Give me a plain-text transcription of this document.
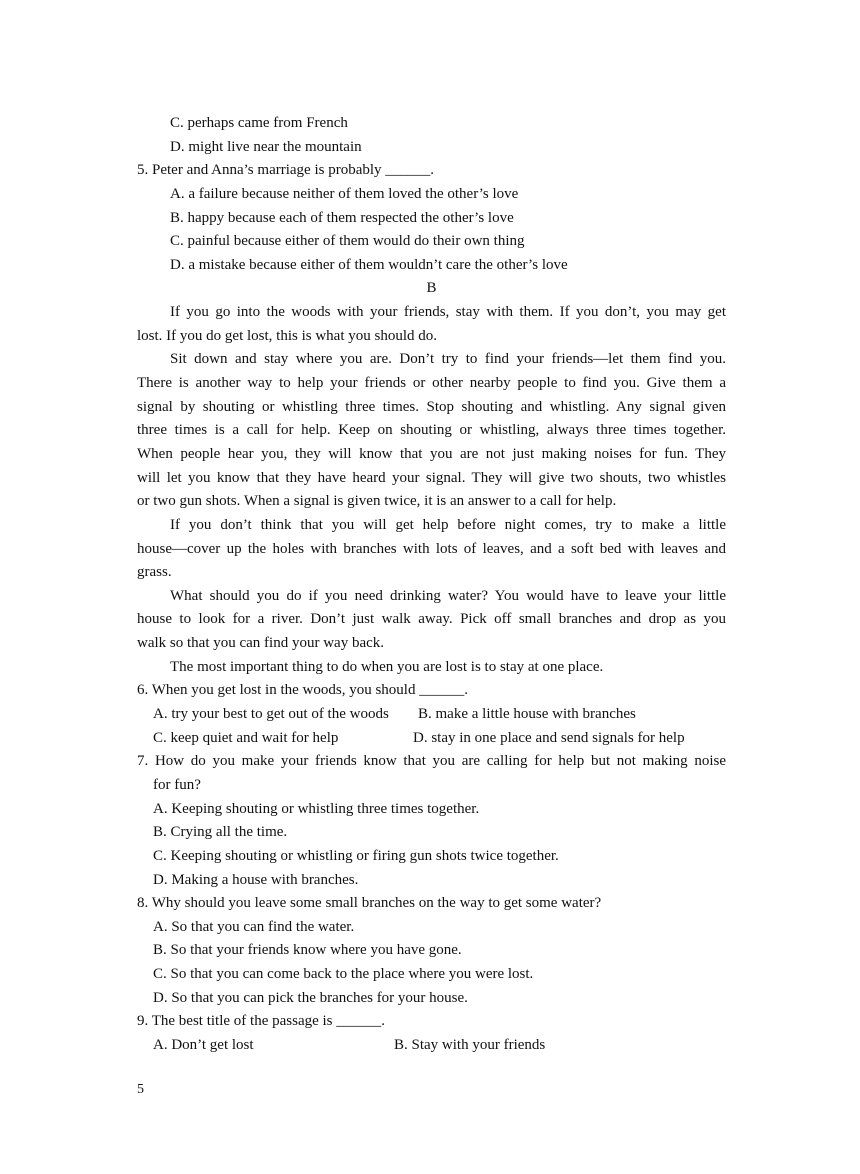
C. perhaps came from French
D. might live near the mountain
5. Peter and Anna’s marriage is probably ______.
A. a failure because neither of them loved the other’s love
B. happy because each of them respected the other’s love
C. painful because either of them would do their own thing
D. a mistake because either of them wouldn’t care the other’s love
B
If you go into the woods with your friends, stay with them. If you don’t, you may get
lost. If you do get lost, this is what you should do.
Sit down and stay where you are. Don’t try to find your friends—let them find you.
There is another way to help your friends or other nearby people to find you. Give them a
signal by shouting or whistling three times. Stop shouting and whistling. Any signal given
three times is a call for help. Keep on shouting or whistling, always three times together.
When people hear you, they will know that you are not just making noises for fun. They
will let you know that they have heard your signal. They will give two shouts, two whistles
or two gun shots. When a signal is given twice, it is an answer to a call for help.
If you don’t think that you will get help before night comes, try to make a little
house—cover up the holes with branches with lots of leaves, and a soft bed with leaves and
grass.
What should you do if you need drinking water? You would have to leave your little
house to look for a river. Don’t just walk away. Pick off small branches and drop as you
walk so that you can find your way back.
The most important thing to do when you are lost is to stay at one place.
6. When you get lost in the woods, you should ______.
A. try your best to get out of the woods B. make a little house with branches
C. keep quiet and wait for help	D. stay in one place and send signals for help
7. How do you make your friends know that you are calling for help but not making noise
for fun?
A. Keeping shouting or whistling three times together.
B. Crying all the time.
C. Keeping shouting or whistling or firing gun shots twice together.
D. Making a house with branches.
8. Why should you leave some small branches on the way to get some water?
A. So that you can find the water.
B. So that your friends know where you have gone.
C. So that you can come back to the place where you were lost.
D. So that you can pick the branches for your house.
9. The best title of the passage is ______.
A. Don’t get lost	B. Stay with your friends
5
